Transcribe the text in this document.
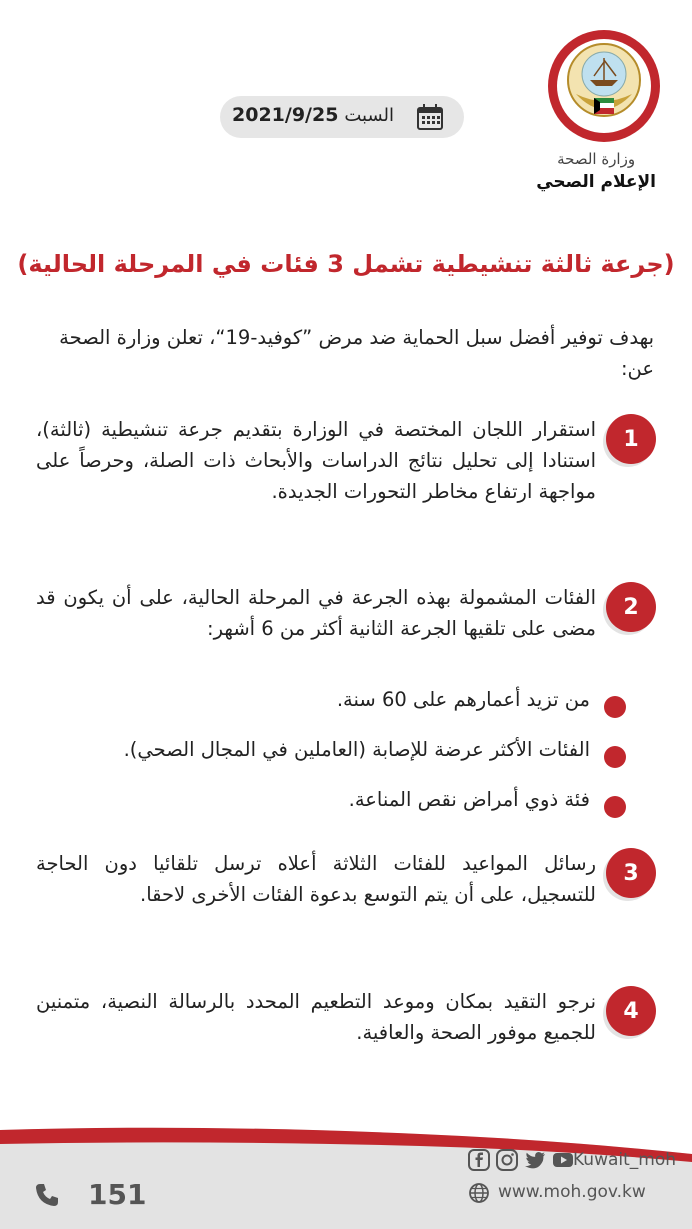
وزارة الصحة
الإعلام الصحي
السبت
2021/9/25
(جرعة ثالثة تنشيطية تشمل 3 فئات في المرحلة الحالية)
بهدف توفير أفضل سبل الحماية ضد مرض ”كوفيد-19“، تعلن وزارة الصحة عن:
1
استقرار اللجان المختصة في الوزارة بتقديم جرعة تنشيطية (ثالثة)، استنادا إلى تحليل نتائج الدراسات والأبحاث ذات الصلة، وحرصاً على مواجهة ارتفاع مخاطر التحورات الجديدة.
2
الفئات المشمولة بهذه الجرعة في المرحلة الحالية، على أن يكون قد مضى على تلقيها الجرعة الثانية أكثر من 6 أشهر:
من تزيد أعمارهم على 60 سنة.
الفئات الأكثر عرضة للإصابة (العاملين في المجال الصحي).
فئة ذوي أمراض نقص المناعة.
3
رسائل المواعيد للفئات الثلاثة أعلاه ترسل تلقائيا دون الحاجة للتسجيل، على أن يتم التوسع بدعوة الفئات الأخرى لاحقا.
4
نرجو التقيد بمكان وموعد التطعيم المحدد بالرسالة النصية، متمنين للجميع موفور الصحة والعافية.
Kuwait_moh
www.moh.gov.kw
151
